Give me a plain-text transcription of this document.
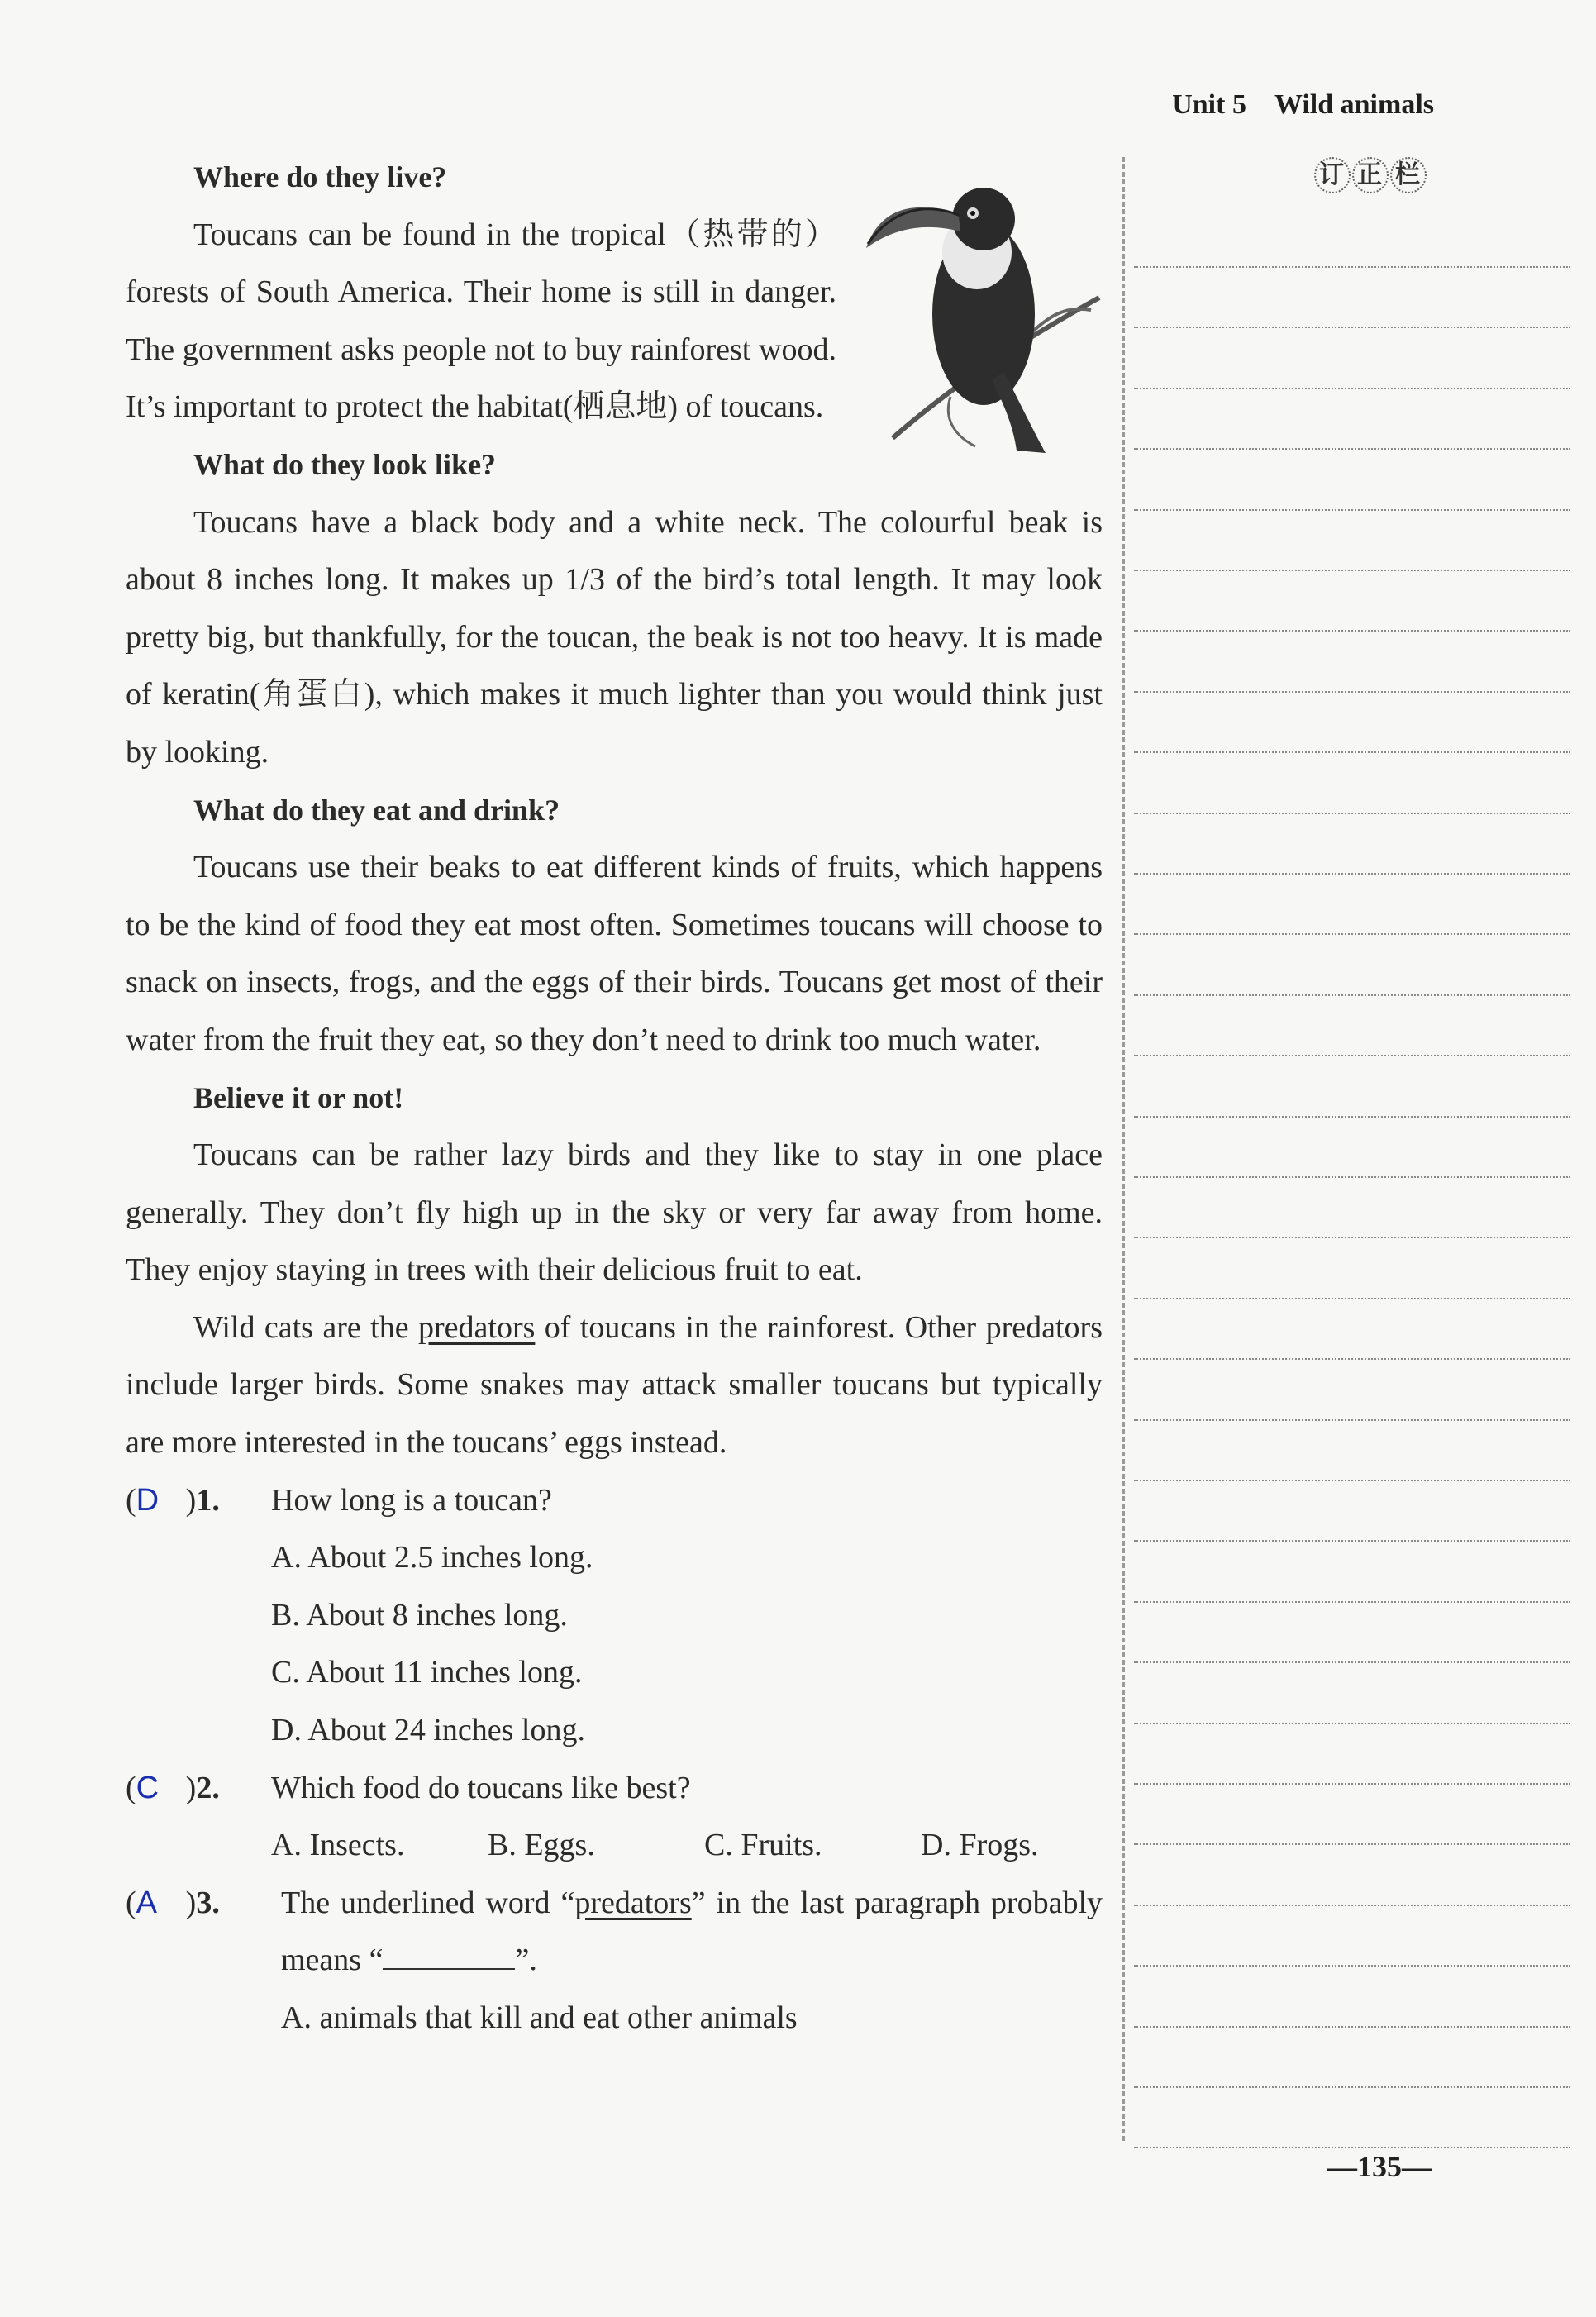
Unit 5 Wild animals
订 正 栏

Where do they live?

Toucans can be found in the tropical（热带的）forests of South America. Their home is still in danger. The government asks people not to buy rainforest wood. It’s important to protect the habitat(栖息地) of toucans.

What do they look like?

Toucans have a black body and a white neck. The colourful beak is about 8 inches long. It makes up 1/3 of the bird’s total length. It may look pretty big, but thankfully, for the toucan, the beak is not too heavy. It is made of keratin(角蛋白), which makes it much lighter than you would think just by looking.

What do they eat and drink?

Toucans use their beaks to eat different kinds of fruits, which happens to be the kind of food they eat most often. Sometimes toucans will choose to snack on insects, frogs, and the eggs of their birds. Toucans get most of their water from the fruit they eat, so they don’t need to drink too much water.

Believe it or not!

Toucans can be rather lazy birds and they like to stay in one place generally. They don’t fly high up in the sky or very far away from home. They enjoy staying in trees with their delicious fruit to eat.

Wild cats are the predators of toucans in the rainforest. Other predators include larger birds. Some snakes may attack smaller toucans but typically are more interested in the toucans’ eggs instead.

(D )1. How long is a toucan?

A. About 2.5 inches long.B. About 8 inches long.

C. About 11 inches long.D. About 24 inches long.

(C )2. Which food do toucans like best?

A. Insects.	B. Eggs.	C. Fruits.	D. Frogs.

(A )3. The underlined word “predators” in the last paragraph probably means “	”.

A. animals that kill and eat other animals

—135—
